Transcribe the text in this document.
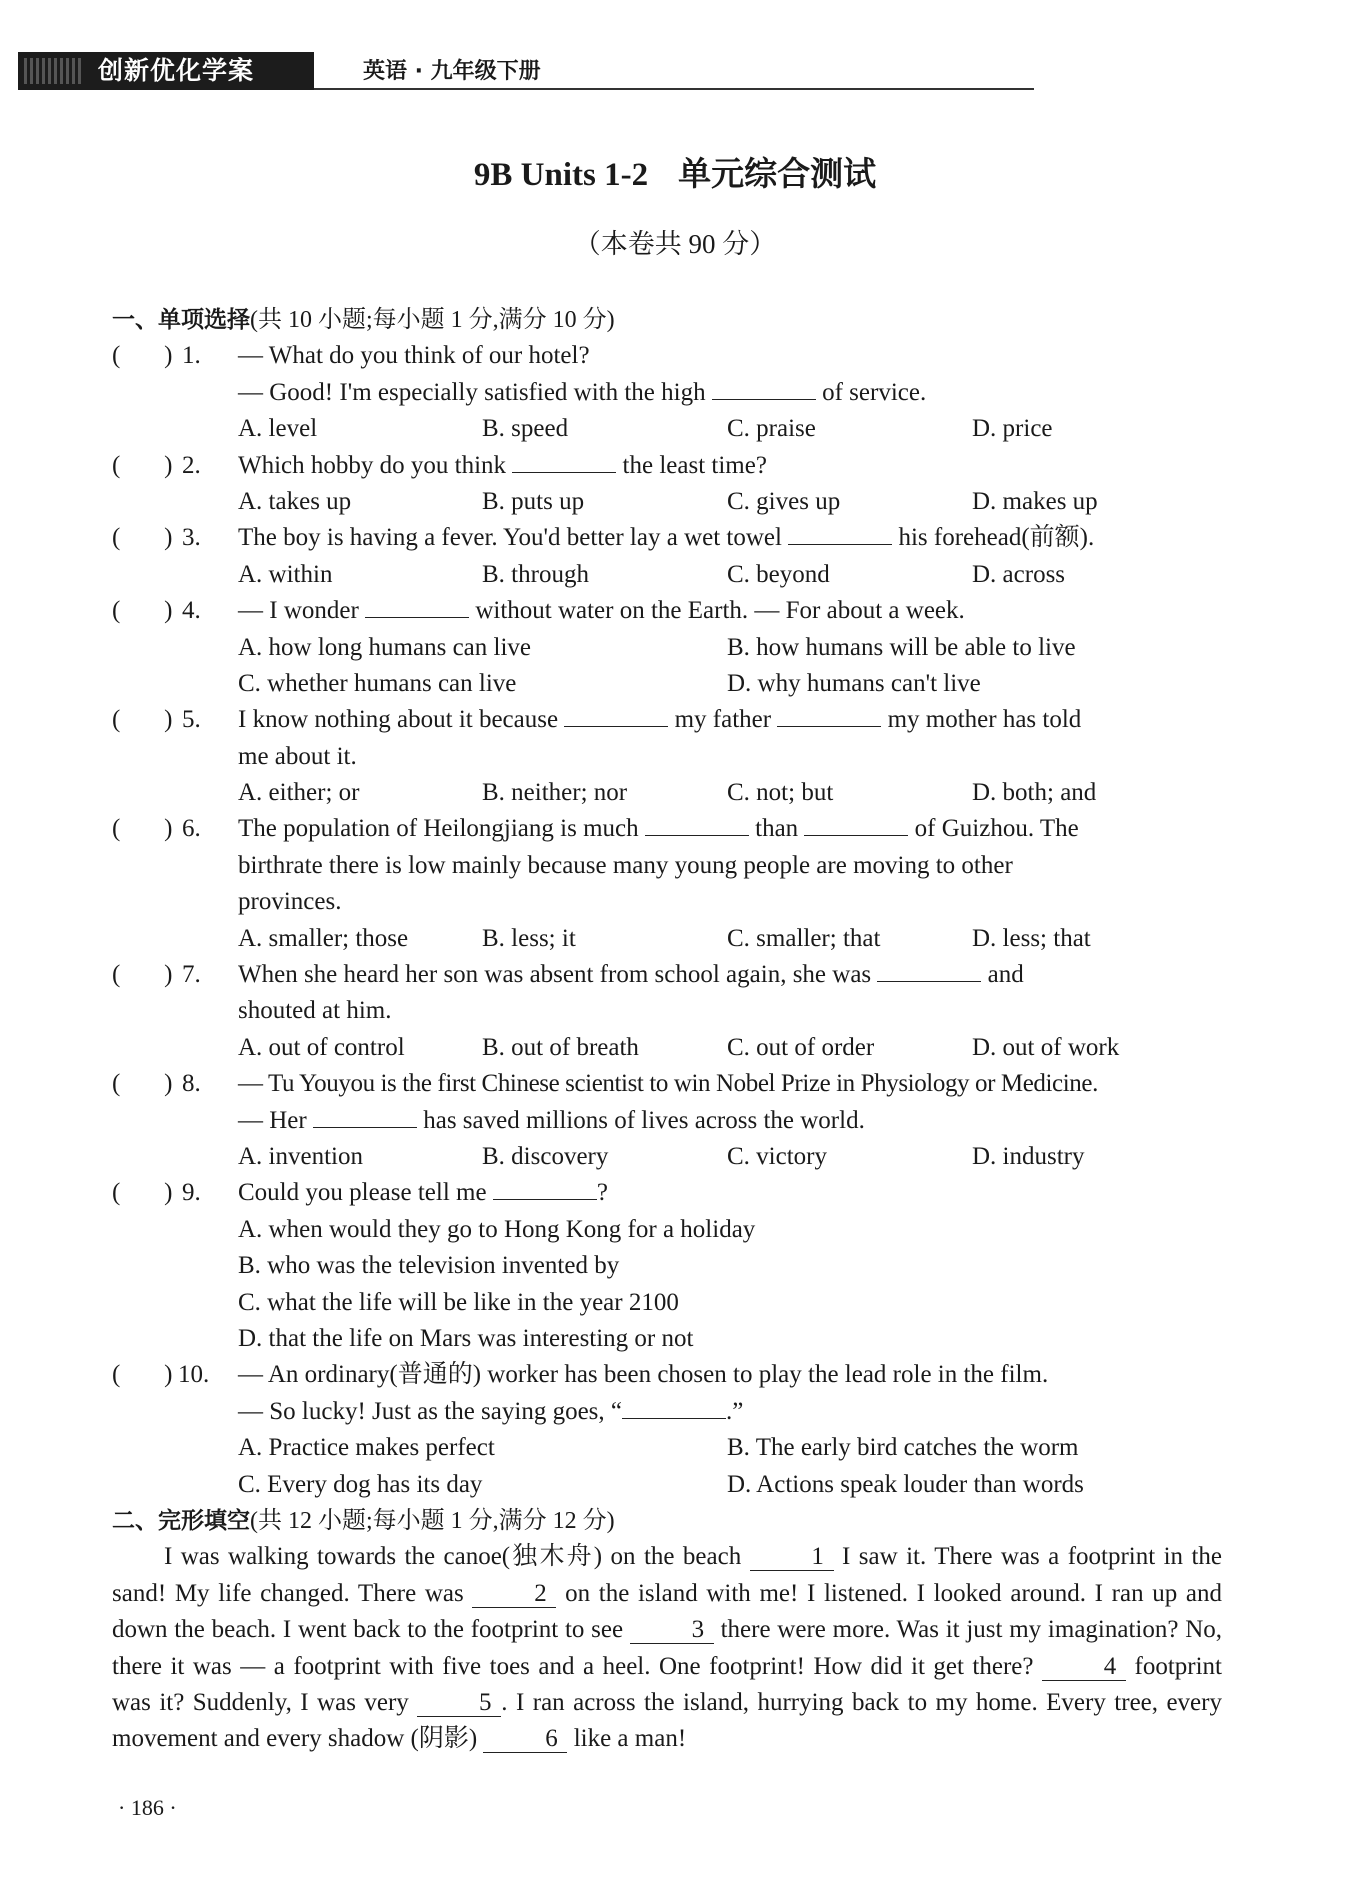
创新优化学案	英语 · 九年级下册
9B Units 1-2 单元综合测试
（本卷共 90 分）
一、单项选择(共 10 小题;每小题 1 分,满分 10 分)
(       ) 1. — What do you think of our hotel?
— Good! I'm especially satisfied with the high	of service.
A. level	B. speed	C. praise	D. price
(       ) 2. Which hobby do you think	the least time?
A. takes up	B. puts up	C. gives up	D. makes up
(       ) 3. The boy is having a fever. You'd better lay a wet towel	his forehead(前额).
A. within	B. through	C. beyond	D. across
(       ) 4. — I wonder	without water on the Earth. — For about a week.
A. how long humans can live	B. how humans will be able to live
C. whether humans can live	D. why humans can't live
(       ) 5. I know nothing about it because	my father	my mother has told
me about it.
A. either; or	B. neither; nor	C. not; but	D. both; and
(       ) 6. The population of Heilongjiang is much	than	of Guizhou. The
birthrate there is low mainly because many young people are moving to other
provinces.
A. smaller; those	B. less; it	C. smaller; that	D. less; that
(       ) 7. When she heard her son was absent from school again, she was	and
shouted at him.
A. out of control	B. out of breath	C. out of order	D. out of work
(       ) 8. — Tu Youyou is the first Chinese scientist to win Nobel Prize in Physiology or Medicine.
— Her	has saved millions of lives across the world.
A. invention	B. discovery	C. victory	D. industry
(       ) 9. Could you please tell me	?
A. when would they go to Hong Kong for a holiday
B. who was the television invented by
C. what the life will be like in the year 2100
D. that the life on Mars was interesting or not
(       ) 10. — An ordinary(普通的) worker has been chosen to play the lead role in the film.
— So lucky! Just as the saying goes, “	.”
A. Practice makes perfect	B. The early bird catches the worm
C. Every dog has its day	D. Actions speak louder than words
二、完形填空(共 12 小题;每小题 1 分,满分 12 分)

I was walking towards the canoe(独木舟) on the beach	1 I saw it. There was a footprint in the sand! My life changed. There was	2 on the island with me! I listened. I looked around. I ran up and down the beach. I went back to the footprint to see	3 there were more. Was it just my imagination? No, there it was — a footprint with five toes and a heel. One footprint! How did it get there?	4 footprint was it? Suddenly, I was very	5 . I ran across the island, hurrying back to my home. Every tree, every movement and every shadow (阴影)	6 like a man!

· 186 ·
